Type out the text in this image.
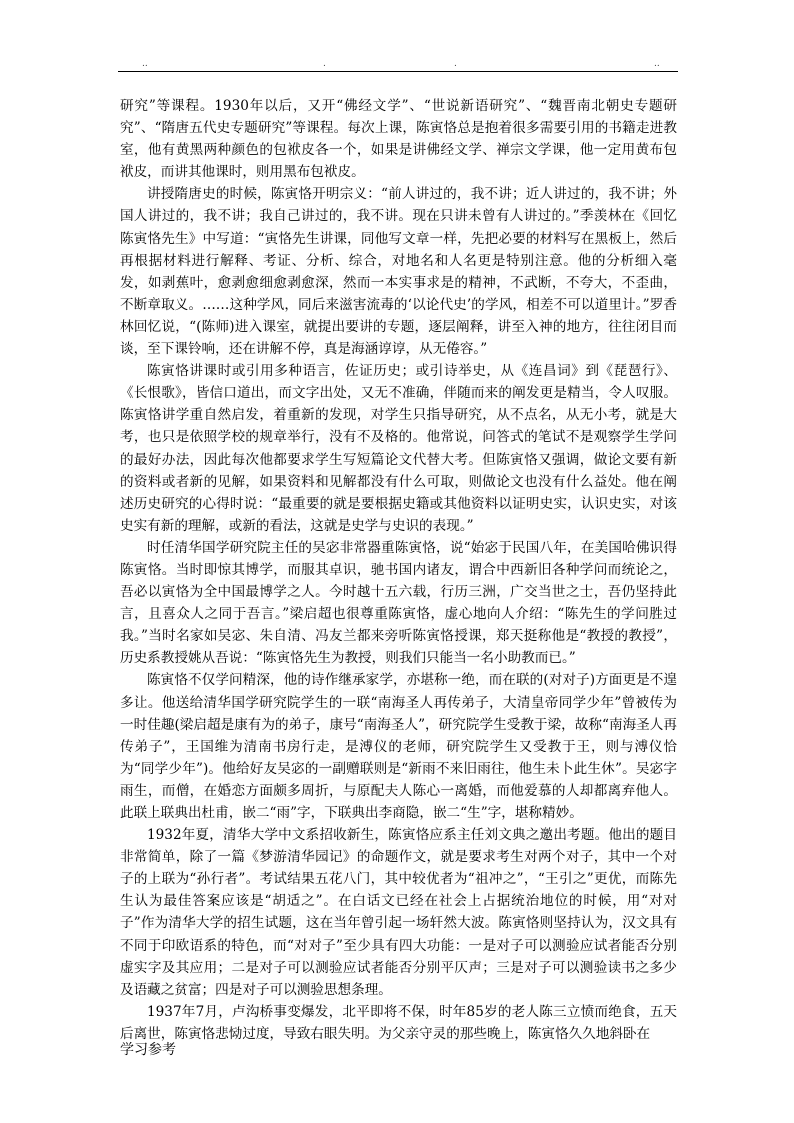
..	.	.	..

研究”等课程。1930年以后，又开“佛经文学”、“世说新语研究”、“魏晋南北朝史专题研究”、“隋唐五代史专题研究”等课程。每次上课，陈寅恪总是抱着很多需要引用的书籍走进教室，他有黄黑两种颜色的包袱皮各一个，如果是讲佛经文学、禅宗文学课，他一定用黄布包袱皮，而讲其他课时，则用黑布包袱皮。

讲授隋唐史的时候，陈寅恪开明宗义：“前人讲过的，我不讲；近人讲过的，我不讲；外国人讲过的，我不讲；我自己讲过的，我不讲。现在只讲未曾有人讲过的。”季羡林在《回忆陈寅恪先生》中写道：“寅恪先生讲课，同他写文章一样，先把必要的材料写在黑板上，然后再根据材料进行解释、考证、分析、综合，对地名和人名更是特别注意。他的分析细入毫发，如剥蕉叶，愈剥愈细愈剥愈深，然而一本实事求是的精神，不武断，不夸大，不歪曲，不断章取义。……这种学风，同后来滋害流毒的‘以论代史’的学风，相差不可以道里计。”罗香林回忆说，“(陈师)进入课室，就提出要讲的专题，逐层阐释，讲至入神的地方，往往闭目而谈，至下课铃响，还在讲解不停，真是海涵谆谆，从无倦容。”

陈寅恪讲课时或引用多种语言，佐证历史；或引诗举史，从《连昌词》到《琵琶行》、《长恨歌》，皆信口道出，而文字出处，又无不准确，伴随而来的阐发更是精当，令人叹服。陈寅恪讲学重自然启发，着重新的发现，对学生只指导研究，从不点名，从无小考，就是大考，也只是依照学校的规章举行，没有不及格的。他常说，问答式的笔试不是观察学生学问的最好办法，因此每次他都要求学生写短篇论文代替大考。但陈寅恪又强调，做论文要有新的资料或者新的见解，如果资料和见解都没有什么可取，则做论文也没有什么益处。他在阐述历史研究的心得时说：“最重要的就是要根据史籍或其他资料以证明史实，认识史实，对该史实有新的理解，或新的看法，这就是史学与史识的表现。”

时任清华国学研究院主任的吴宓非常器重陈寅恪，说“始宓于民国八年，在美国哈佛识得陈寅恪。当时即惊其博学，而服其卓识，驰书国内诸友，谓合中西新旧各种学问而统论之，吾必以寅恪为全中国最博学之人。今时越十五六载，行历三洲，广交当世之士，吾仍坚持此言，且喜众人之同于吾言。”梁启超也很尊重陈寅恪，虚心地向人介绍：“陈先生的学问胜过我。”当时名家如吴宓、朱自清、冯友兰都来旁听陈寅恪授课，郑天挺称他是“教授的教授”，历史系教授姚从吾说：“陈寅恪先生为教授，则我们只能当一名小助教而已。”

陈寅恪不仅学问精深，他的诗作继承家学，亦堪称一绝，而在联的(对对子)方面更是不遑多让。他送给清华国学研究院学生的一联“南海圣人再传弟子，大清皇帝同学少年”曾被传为一时佳趣(梁启超是康有为的弟子，康号“南海圣人”，研究院学生受教于梁，故称“南海圣人再传弟子”，王国维为清南书房行走，是溥仪的老师，研究院学生又受教于王，则与溥仪恰为“同学少年”)。他给好友吴宓的一副赠联则是“新雨不来旧雨往，他生未卜此生休”。吴宓字雨生，而僧，在婚恋方面颇多周折，与原配夫人陈心一离婚，而他爱慕的人却都离弃他人。此联上联典出杜甫，嵌二“雨”字，下联典出李商隐，嵌二“生”字，堪称精妙。

1932年夏，清华大学中文系招收新生，陈寅恪应系主任刘文典之邀出考题。他出的题目非常简单，除了一篇《梦游清华园记》的命题作文，就是要求考生对两个对子，其中一个对子的上联为“孙行者”。考试结果五花八门，其中较优者为“祖冲之”，“王引之”更优，而陈先生认为最佳答案应该是“胡适之”。在白话文已经在社会上占据统治地位的时候，用“对对子”作为清华大学的招生试题，这在当年曾引起一场轩然大波。陈寅恪则坚持认为，汉文具有不同于印欧语系的特色，而“对对子”至少具有四大功能：一是对子可以测验应试者能否分别虚实字及其应用；二是对子可以测验应试者能否分别平仄声；三是对子可以测验读书之多少及语藏之贫富；四是对子可以测验思想条理。

1937年7月，卢沟桥事变爆发，北平即将不保，时年85岁的老人陈三立愤而绝食，五天后离世，陈寅恪悲恸过度，导致右眼失明。为父亲守灵的那些晚上，陈寅恪久久地斜卧在

学习参考
